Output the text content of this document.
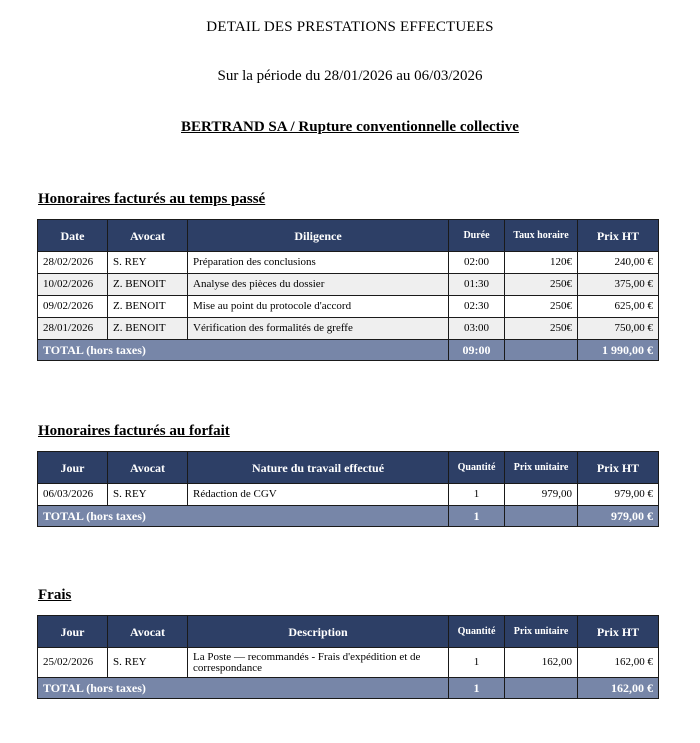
DETAIL DES PRESTATIONS EFFECTUEES
Sur la période du 28/01/2026 au 06/03/2026
BERTRAND SA / Rupture conventionnelle collective
Honoraires facturés au temps passé
Date	Avocat	Diligence	Durée	Taux horaire	Prix HT
28/02/2026	S. REY	Préparation des conclusions	02:00	120€	240,00 €
10/02/2026	Z. BENOIT	Analyse des pièces du dossier	01:30	250€	375,00 €
09/02/2026	Z. BENOIT	Mise au point du protocole d'accord	02:30	250€	625,00 €
28/01/2026	Z. BENOIT	Vérification des formalités de greffe	03:00	250€	750,00 €
TOTAL (hors taxes)			09:00		1 990,00 €
Honoraires facturés au forfait
Jour	Avocat	Nature du travail effectué	Quantité	Prix unitaire	Prix HT
06/03/2026	S. REY	Rédaction de CGV	1	979,00	979,00 €
TOTAL (hors taxes)			1		979,00 €
Frais
Jour	Avocat	Description	Quantité	Prix unitaire	Prix HT
25/02/2026	S. REY	La Poste — recommandés - Frais d'expédition et de correspondance	1	162,00	162,00 €
TOTAL (hors taxes)			1		162,00 €
